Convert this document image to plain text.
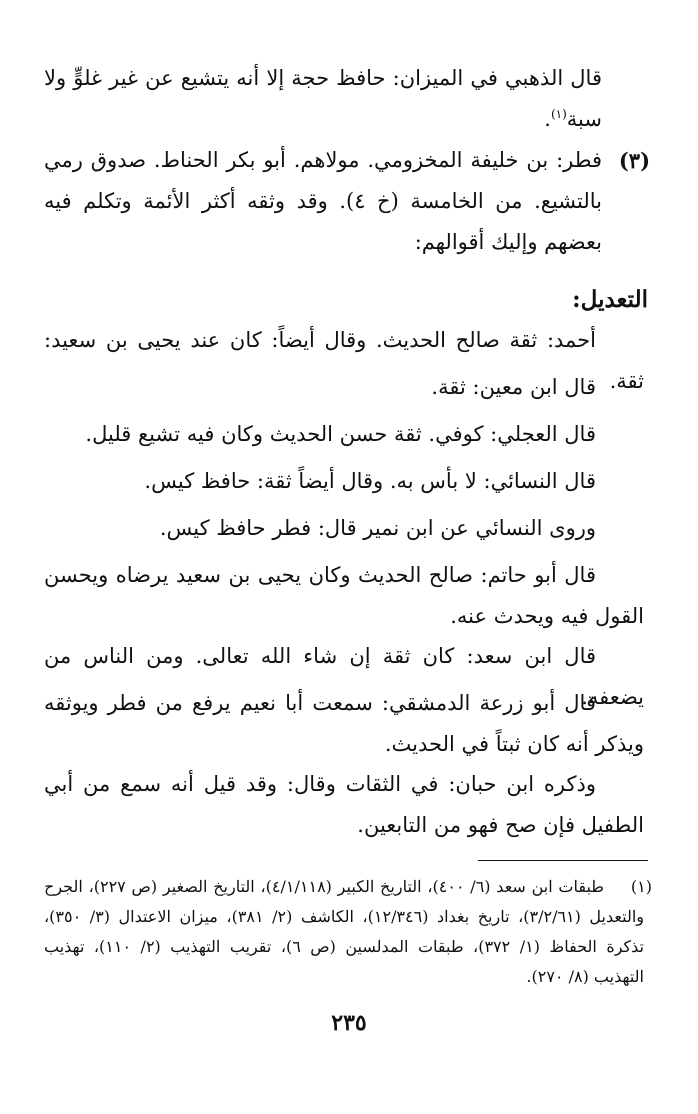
قال الذهبي في الميزان: حافظ حجة إلا أنه يتشيع عن غير غلوٍّ ولا سبة$^{(١)}$.

(٣)

فطر: بن خليفة المخزومي. مولاهم. أبو بكر الحناط. صدوق رمي بالتشيع. من الخامسة (خ ٤). وقد وثقه أكثر الأئمة وتكلم فيه بعضهم وإليك أقوالهم:

التعديل:

أحمد: ثقة صالح الحديث. وقال أيضاً: كان عند يحيى بن سعيد: ثقة.

قال ابن معين: ثقة.

قال العجلي: كوفي. ثقة حسن الحديث وكان فيه تشيع قليل.

قال النسائي: لا بأس به. وقال أيضاً ثقة: حافظ كيس.

وروى النسائي عن ابن نمير قال: فطر حافظ كيس.

قال أبو حاتم: صالح الحديث وكان يحيى بن سعيد يرضاه ويحسن القول فيه ويحدث عنه.

قال ابن سعد: كان ثقة إن شاء الله تعالى. ومن الناس من يضعفه.

قال أبو زرعة الدمشقي: سمعت أبا نعيم يرفع من فطر ويوثقه ويذكر أنه كان ثبتاً في الحديث.

وذكره ابن حبان: في الثقات وقال: وقد قيل أنه سمع من أبي الطفيل فإن صح فهو من التابعين.

(١)

طبقات ابن سعد (٦/ ٤٠٠)، التاريخ الكبير (٤/١/١١٨)، التاريخ الصغير (ص ٢٢٧)، الجرح والتعديل (٣/٢/٦١)، تاريخ بغداد (١٢/٣٤٦)، الكاشف (٢/ ٣٨١)، ميزان الاعتدال (٣/ ٣٥٠)، تذكرة الحفاظ (١/ ٣٧٢)، طبقات المدلسين (ص ٦)، تقريب التهذيب (٢/ ١١٠)، تهذيب التهذيب (٨/ ٢٧٠).

٢٣٥
